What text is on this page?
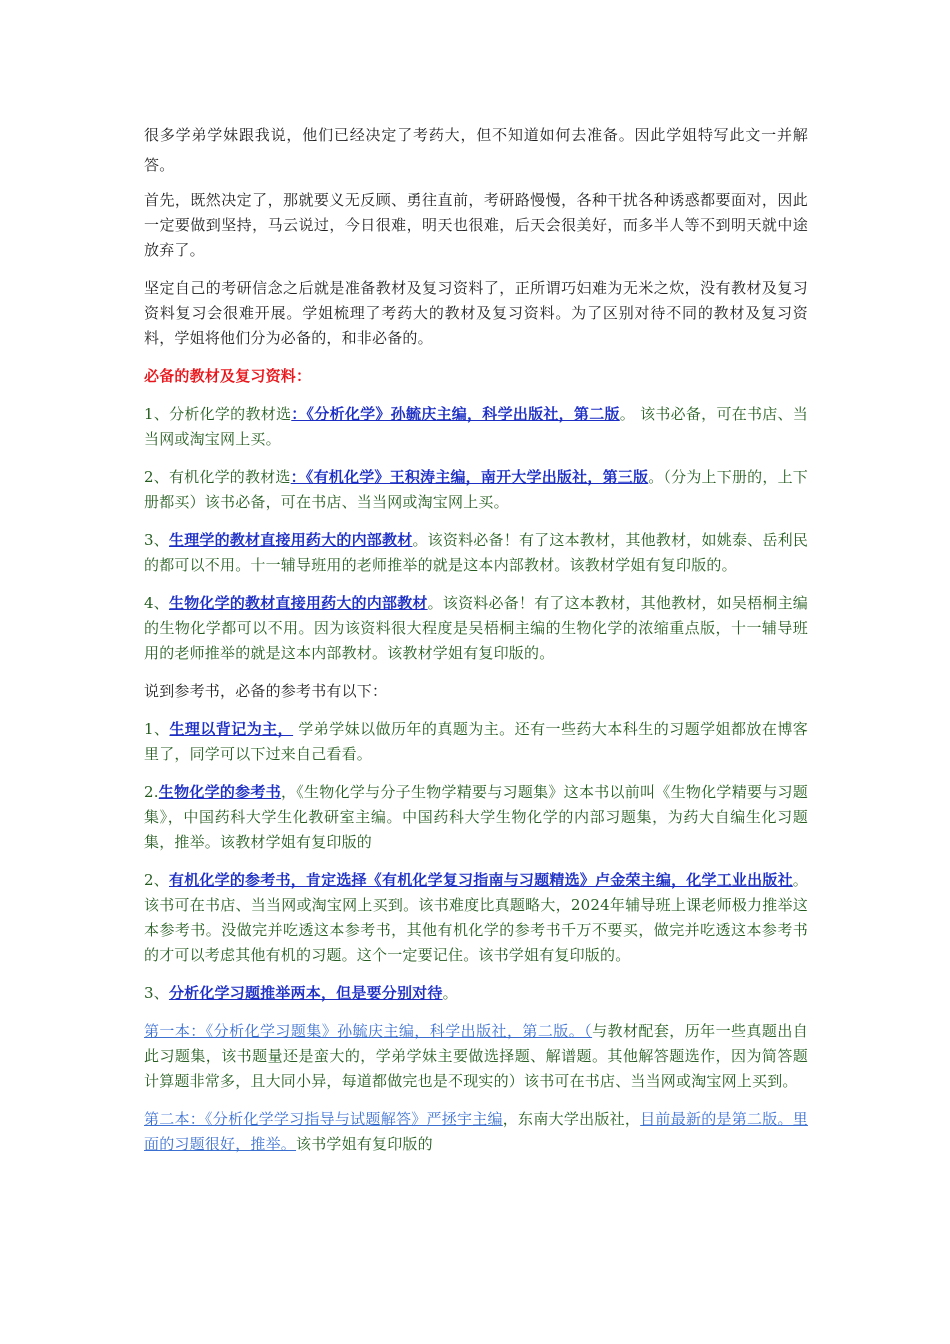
很多学弟学妹跟我说，他们已经决定了考药大，但不知道如何去准备。因此学姐特写此文一并解答。

首先，既然决定了，那就要义无反顾、勇往直前，考研路慢慢，各种干扰各种诱惑都要面对，因此一定要做到坚持，马云说过，今日很难，明天也很难，后天会很美好，而多半人等不到明天就中途放弃了。

坚定自己的考研信念之后就是准备教材及复习资料了，正所谓巧妇难为无米之炊，没有教材及复习资料复习会很难开展。学姐梳理了考药大的教材及复习资料。为了区别对待不同的教材及复习资料，学姐将他们分为必备的，和非必备的。

必备的教材及复习资料：

1、分析化学的教材选：《分析化学》孙毓庆主编，科学出版社，第二版。 该书必备，可在书店、当当网或淘宝网上买。

2、有机化学的教材选：《有机化学》王积涛主编，南开大学出版社，第三版。（分为上下册的，上下册都买）该书必备，可在书店、当当网或淘宝网上买。

3、生理学的教材直接用药大的内部教材。该资料必备！有了这本教材，其他教材，如姚泰、岳利民的都可以不用。十一辅导班用的老师推举的就是这本内部教材。该教材学姐有复印版的。

4、生物化学的教材直接用药大的内部教材。该资料必备！有了这本教材，其他教材，如吴梧桐主编的生物化学都可以不用。因为该资料很大程度是吴梧桐主编的生物化学的浓缩重点版，十一辅导班用的老师推举的就是这本内部教材。该教材学姐有复印版的。

说到参考书，必备的参考书有以下：

1、生理以背记为主， 学弟学妹以做历年的真题为主。还有一些药大本科生的习题学姐都放在博客里了，同学可以下过来自己看看。

2.生物化学的参考书，《生物化学与分子生物学精要与习题集》这本书以前叫《生物化学精要与习题集》，中国药科大学生化教研室主编。中国药科大学生物化学的内部习题集，为药大自编生化习题集，推举。该教材学姐有复印版的

2、有机化学的参考书，肯定选择《有机化学复习指南与习题精选》卢金荣主编，化学工业出版社。该书可在书店、当当网或淘宝网上买到。该书难度比真题略大，2024年辅导班上课老师极力推举这本参考书。没做完并吃透这本参考书，其他有机化学的参考书千万不要买，做完并吃透这本参考书的才可以考虑其他有机的习题。这个一定要记住。该书学姐有复印版的。

3、分析化学习题推举两本，但是要分别对待。

第一本：《分析化学习题集》孙毓庆主编，科学出版社，第二版。（与教材配套，历年一些真题出自此习题集，该书题量还是蛮大的，学弟学妹主要做选择题、解谱题。其他解答题选作，因为简答题计算题非常多，且大同小异，每道都做完也是不现实的）该书可在书店、当当网或淘宝网上买到。

第二本：《分析化学学习指导与试题解答》严拯宇主编，东南大学出版社，目前最新的是第二版。里面的习题很好，推举。该书学姐有复印版的
